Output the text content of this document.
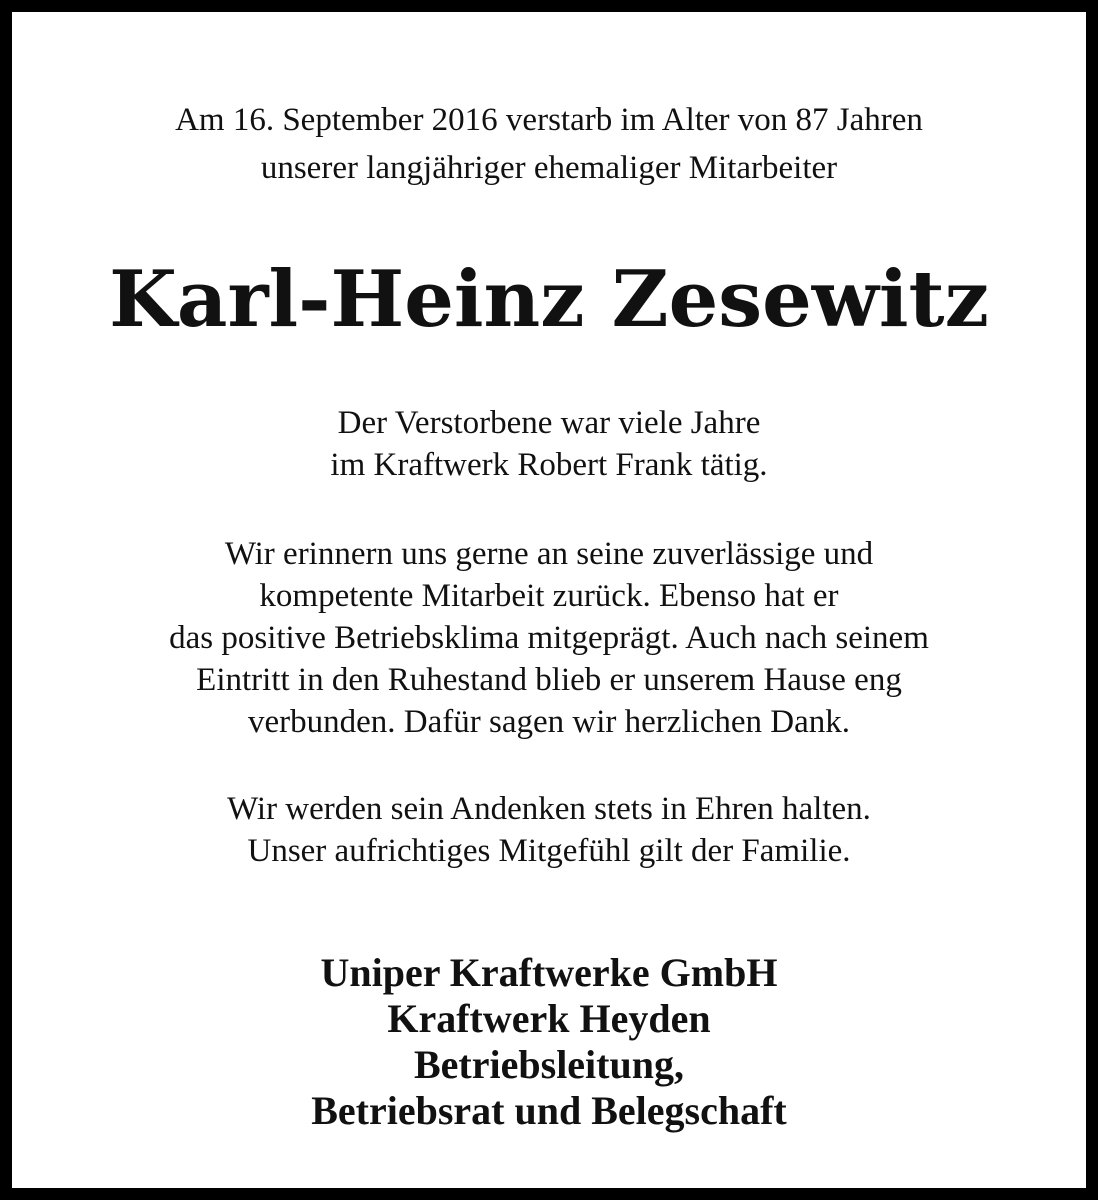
Am 16. September 2016 verstarb im Alter von 87 Jahren
unserer langjähriger ehemaliger Mitarbeiter
Karl-Heinz Zesewitz
Der Verstorbene war viele Jahre
im Kraftwerk Robert Frank tätig.
Wir erinnern uns gerne an seine zuverlässige und
kompetente Mitarbeit zurück. Ebenso hat er
das positive Betriebsklima mitgeprägt. Auch nach seinem
Eintritt in den Ruhestand blieb er unserem Hause eng
verbunden. Dafür sagen wir herzlichen Dank.
Wir werden sein Andenken stets in Ehren halten.
Unser aufrichtiges Mitgefühl gilt der Familie.
Uniper Kraftwerke GmbH
Kraftwerk Heyden
Betriebsleitung,
Betriebsrat und Belegschaft
